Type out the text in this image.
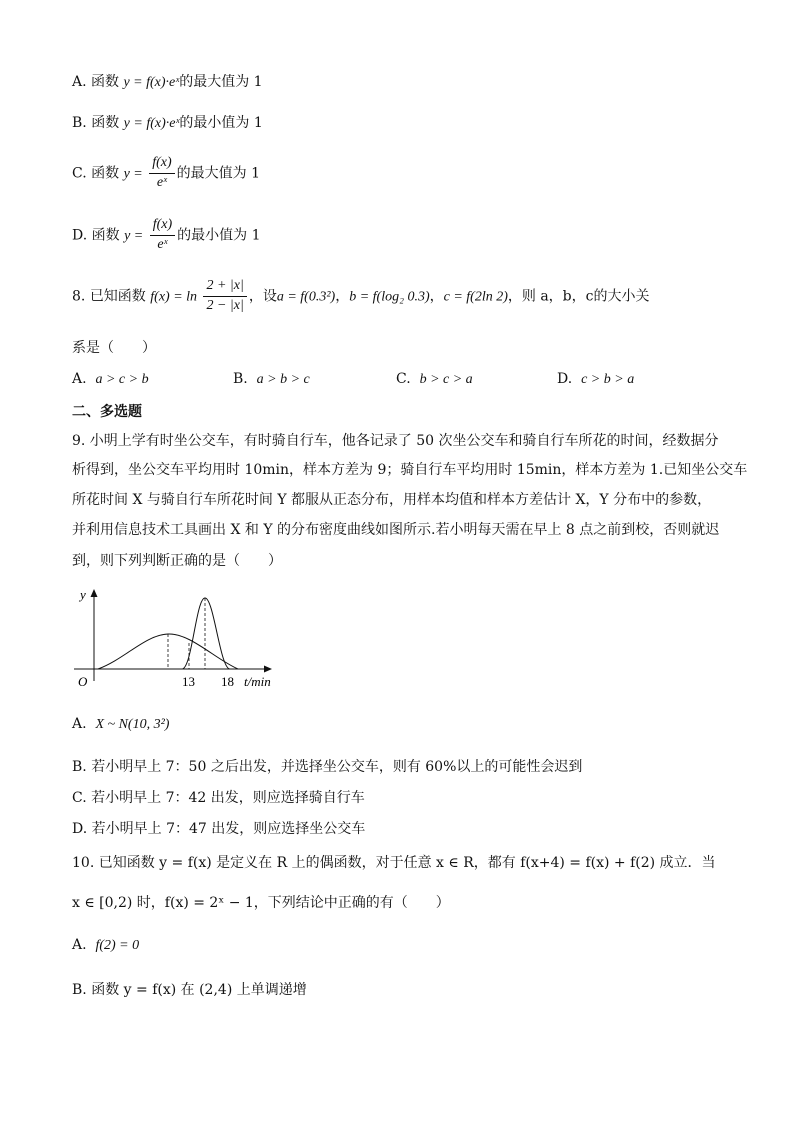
A. 函数 y = f(x)·eˣ的最大值为 1
B. 函数 y = f(x)·eˣ的最小值为 1
C. 函数 $y = \frac{f(x)}{\text{eˣ}}$ 的最大值为 1
D. 函数 $y = \frac{f(x)}{\text{eˣ}}$ 的最小值为 1
8. 已知函数 $f(x) = \ln \frac{2 + |x|}{2 - |x|}$ ，设a = f(0.3²)，b = f(log₂ 0.3)，c = f(2ln 2)，则 a，b，c的大小关
系是（　　）
A. a > c > b	B. a > b > c	C. b > c > a	D. c > b > a
二、多选题
9. 小明上学有时坐公交车，有时骑自行车，他各记录了 50 次坐公交车和骑自行车所花的时间，经数据分
析得到，坐公交车平均用时 10min，样本方差为 9；骑自行车平均用时 15min，样本方差为 1.已知坐公交车
所花时间 X 与骑自行车所花时间 Y 都服从正态分布，用样本均值和样本方差估计 X，Y 分布中的参数，
并利用信息技术工具画出 X 和 Y 的分布密度曲线如图所示.若小明每天需在早上 8 点之前到校，否则就迟
到，则下列判断正确的是（　　）
y
O	13 18 t/min
A. X ~ N(10, 3²)
B. 若小明早上 7：50 之后出发，并选择坐公交车，则有 60%以上的可能性会迟到
C. 若小明早上 7：42 出发，则应选择骑自行车
D. 若小明早上 7：47 出发，则应选择坐公交车
10. 已知函数 y = f(x) 是定义在 R 上的偶函数，对于任意 x ∈ R，都有 f(x+4) = f(x) + f(2) 成立．当
x ∈ [0,2) 时，f(x) = 2ˣ − 1，下列结论中正确的有（　　）
A. f(2) = 0
B. 函数 y = f(x) 在 (2,4) 上单调递增
